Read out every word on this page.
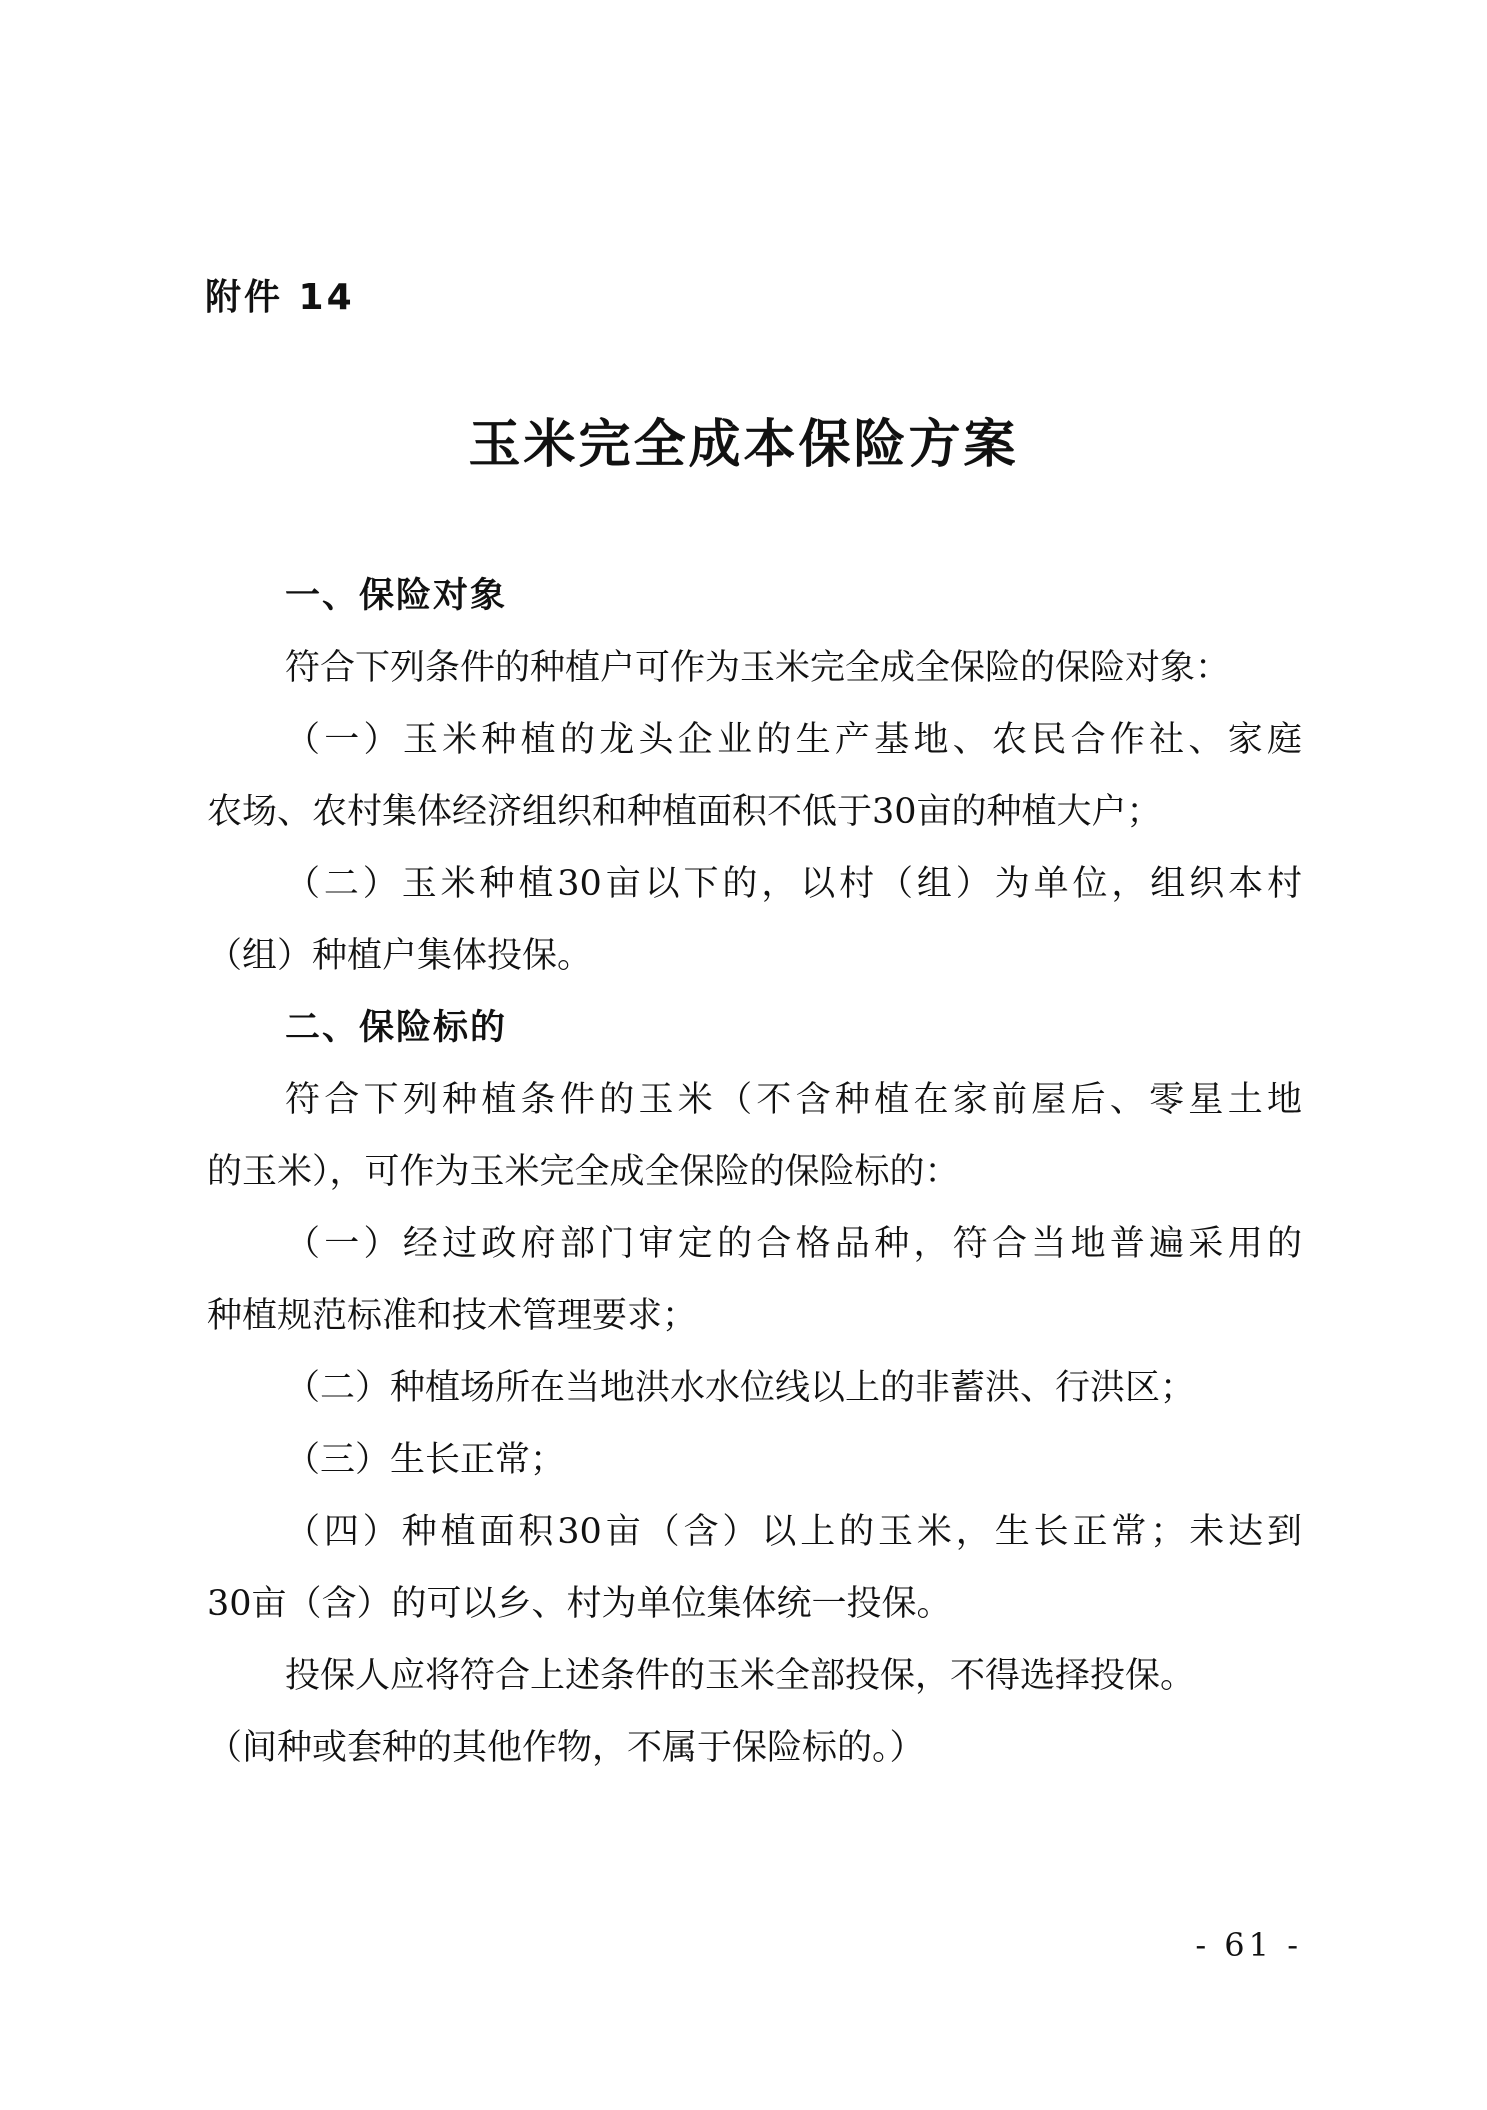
附件 14
玉米完全成本保险方案
一、保险对象
符合下列条件的种植户可作为玉米完全成全保险的保险对象：
（一）玉米种植的龙头企业的生产基地、农民合作社、家庭
农场、农村集体经济组织和种植面积不低于30亩的种植大户；
（二）玉米种植30亩以下的，以村（组）为单位，组织本村
（组）种植户集体投保。
二、保险标的
符合下列种植条件的玉米（不含种植在家前屋后、零星土地
的玉米），可作为玉米完全成全保险的保险标的：
（一）经过政府部门审定的合格品种，符合当地普遍采用的
种植规范标准和技术管理要求；
（二）种植场所在当地洪水水位线以上的非蓄洪、行洪区；
（三）生长正常；
（四）种植面积30亩（含）以上的玉米，生长正常；未达到
30亩（含）的可以乡、村为单位集体统一投保。
投保人应将符合上述条件的玉米全部投保，不得选择投保。
（间种或套种的其他作物，不属于保险标的。）
- 61 -
